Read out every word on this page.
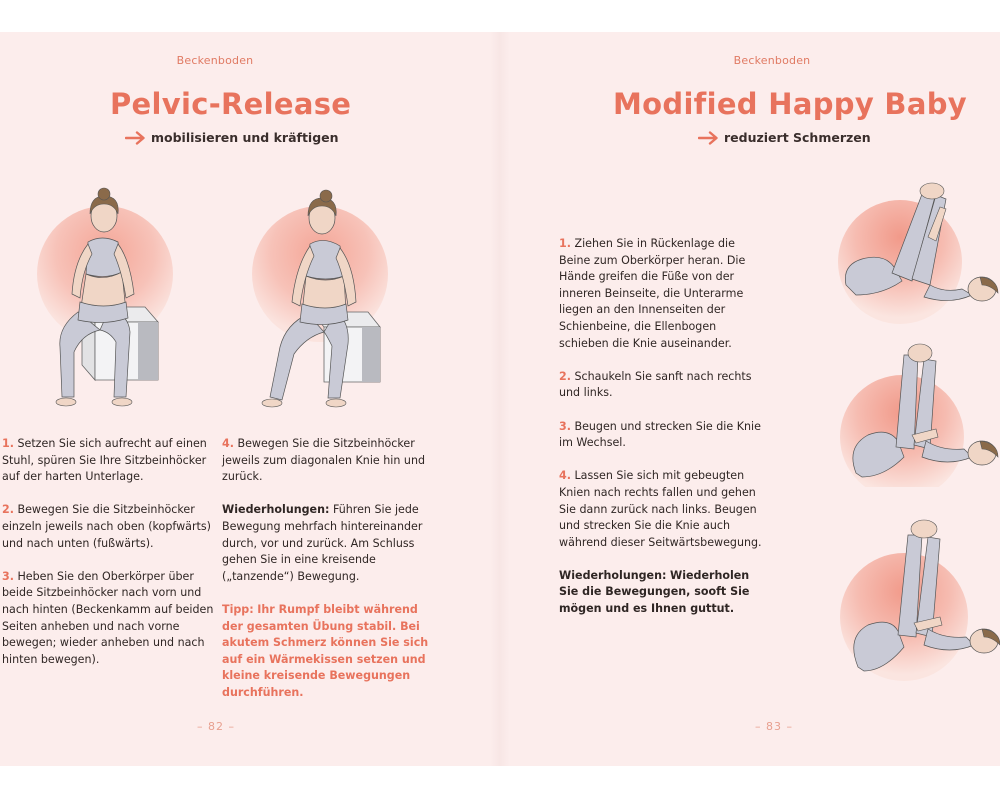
Beckenboden
Pelvic-Release
mobilisieren und kräftigen

1. Setzen Sie sich aufrecht auf einen Stuhl, spüren Sie Ihre Sitzbeinhöcker auf der harten Unterlage.

2. Bewegen Sie die Sitzbeinhöcker einzeln jeweils nach oben (kopfwärts) und nach unten (fußwärts).

3. Heben Sie den Oberkörper über beide Sitzbeinhöcker nach vorn und nach hinten (Beckenkamm auf beiden Seiten anheben und nach vorne bewegen; wieder anheben und nach hinten bewegen).

4. Bewegen Sie die Sitzbeinhöcker jeweils zum diagonalen Knie hin und zurück.

Wiederholungen: Führen Sie jede Bewegung mehrfach hintereinander durch, vor und zurück. Am Schluss gehen Sie in eine kreisende („tanzende“) Bewegung.

Tipp: Ihr Rumpf bleibt während der gesamten Übung stabil. Bei akutem Schmerz können Sie sich auf ein Wärmekissen setzen und kleine kreisende Bewegungen durchführen.

– 82 –
Beckenboden
Modified Happy Baby
reduziert Schmerzen

1. Ziehen Sie in Rückenlage die Beine zum Oberkörper heran. Die Hände greifen die Füße von der inneren Beinseite, die Unterarme liegen an den Innenseiten der Schienbeine, die Ellenbogen schieben die Knie auseinander.

2. Schaukeln Sie sanft nach rechts und links.

3. Beugen und strecken Sie die Knie im Wechsel.

4. Lassen Sie sich mit gebeugten Knien nach rechts fallen und gehen Sie dann zurück nach links. Beugen und strecken Sie die Knie auch während dieser Seitwärtsbewegung.

Wiederholungen: Wiederholen Sie die Bewegungen, sooft Sie mögen und es Ihnen guttut.

– 83 –
